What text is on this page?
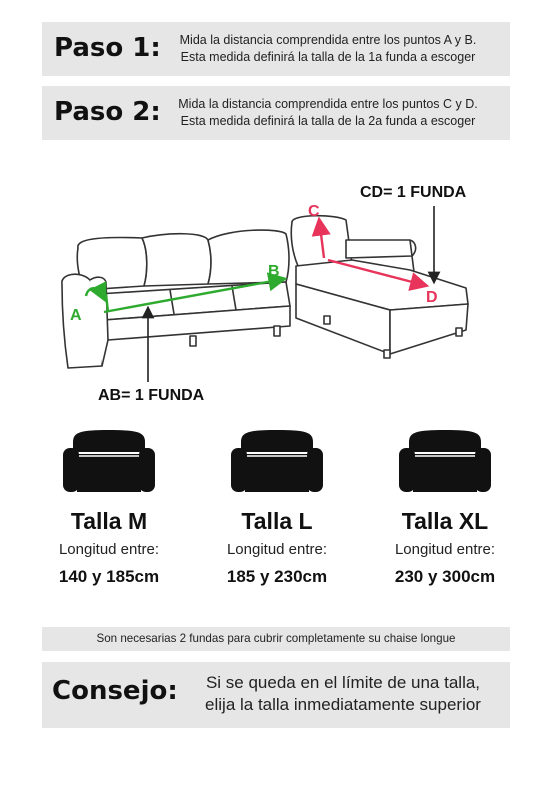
Paso 1:	Mida la distancia comprendida entre los puntos A y B.
Esta medida definirá la talla de la 1a funda a escoger
Paso 2:	Mida la distancia comprendida entre los puntos C y D.
Esta medida definirá la talla de la 2a funda a escoger
A
B
AB= 1 FUNDA
C
D
CD= 1 FUNDA
Talla M
Longitud entre:
140 y 185cm
Talla L
Longitud entre:
185 y 230cm
Talla XL
Longitud entre:
230 y 300cm
Son necesarias 2 fundas para cubrir completamente su chaise longue
Consejo:	Si se queda en el límite de una talla,
elija la talla inmediatamente superior
